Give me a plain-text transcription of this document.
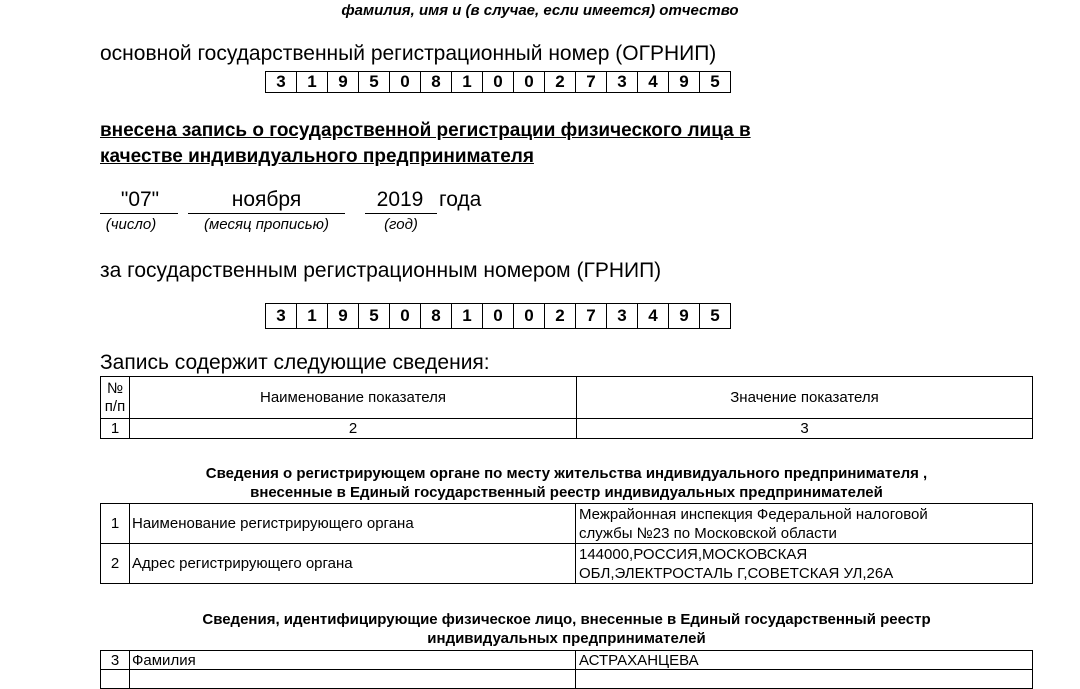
фамилия, имя и (в случае, если имеется) отчество
основной государственный регистрационный номер (ОГРНИП)
3	1	9	5	0	8	1	0	0	2	7	3	4	9	5
внесена запись о государственной регистрации физического лица в
качестве индивидуального предпринимателя
"07"
(число)
ноября
(месяц прописью)
2019
(год)
года
за государственным регистрационным номером (ГРНИП)
3	1	9	5	0	8	1	0	0	2	7	3	4	9	5
Запись содержит следующие сведения:
№
п/п	Наименование показателя	Значение показателя
1	2	3
Сведения о регистрирующем органе по месту жительства индивидуального предпринимателя ,
внесенные в Единый государственный реестр индивидуальных предпринимателей
1	Наименование регистрирующего органа	Межрайонная инспекция Федеральной налоговой
службы №23 по Московской области

2	Адрес регистрирующего органа	144000,РОССИЯ,МОСКОВСКАЯ
ОБЛ,ЭЛЕКТРОСТАЛЬ Г,СОВЕТСКАЯ УЛ,26А
Сведения, идентифицирующие физическое лицо, внесенные в Единый государственный реестр
индивидуальных предпринимателей
3	Фамилия	АСТРАХАНЦЕВА
